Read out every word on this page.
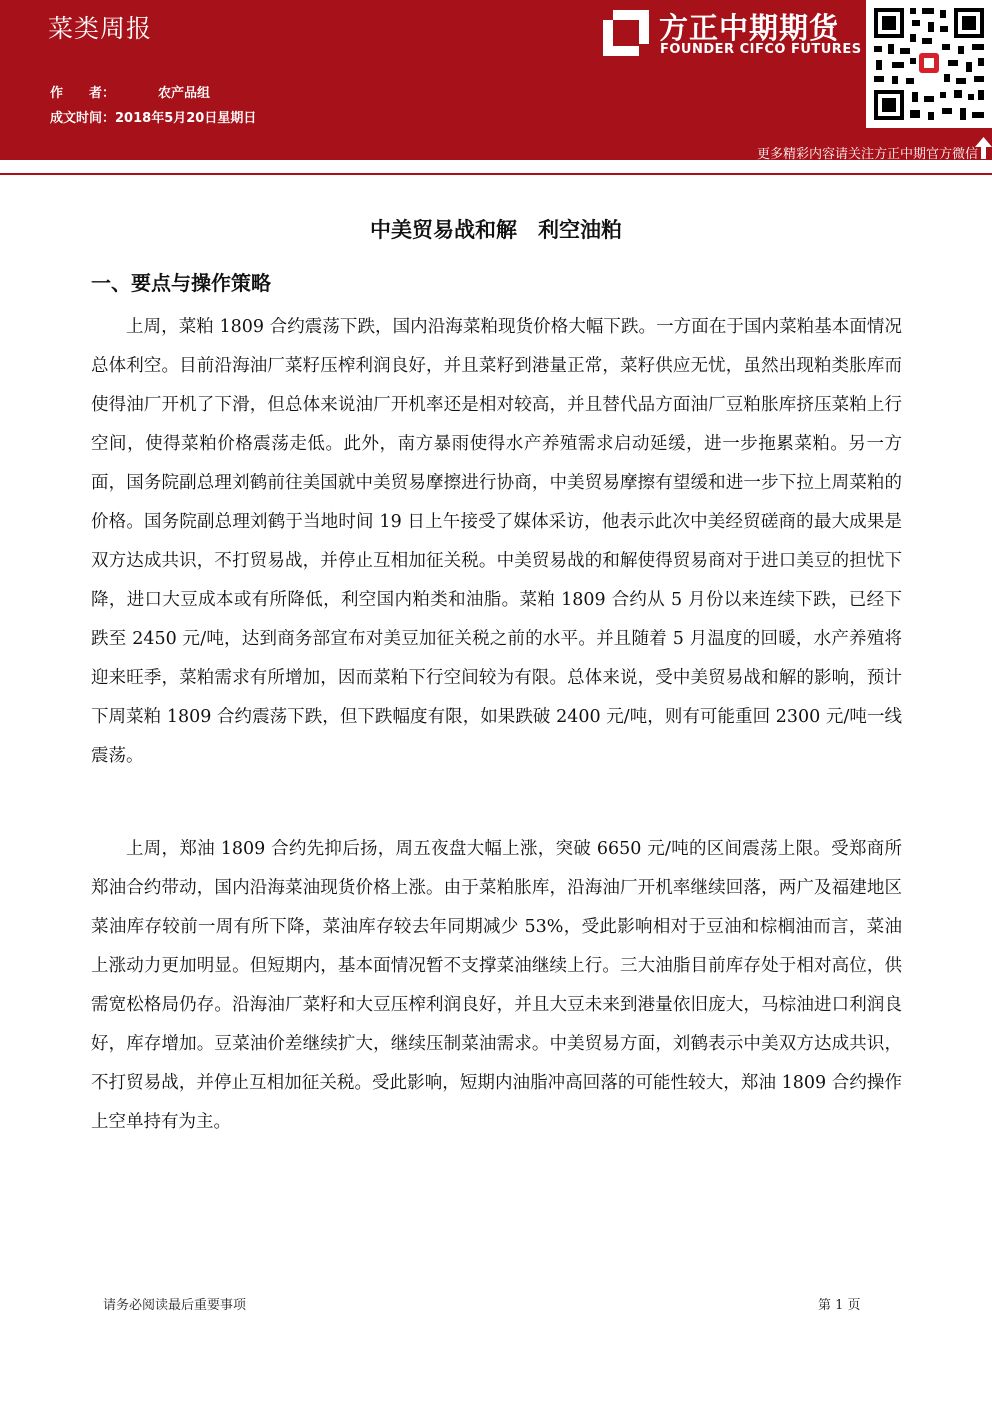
菜类周报
作　　者：	农产品组
成文时间：2018年5月20日星期日
方正中期期货
FOUNDER CIFCO FUTURES
更多精彩内容请关注方正中期官方微信
中美贸易战和解　利空油粕
一、要点与操作策略

上周，菜粕 1809 合约震荡下跌，国内沿海菜粕现货价格大幅下跌。一方面在于国内菜粕基本面情况总体利空。目前沿海油厂菜籽压榨利润良好，并且菜籽到港量正常，菜籽供应无忧，虽然出现粕类胀库而使得油厂开机了下滑，但总体来说油厂开机率还是相对较高，并且替代品方面油厂豆粕胀库挤压菜粕上行空间，使得菜粕价格震荡走低。此外，南方暴雨使得水产养殖需求启动延缓，进一步拖累菜粕。另一方面，国务院副总理刘鹤前往美国就中美贸易摩擦进行协商，中美贸易摩擦有望缓和进一步下拉上周菜粕的价格。国务院副总理刘鹤于当地时间 19 日上午接受了媒体采访，他表示此次中美经贸磋商的最大成果是双方达成共识，不打贸易战，并停止互相加征关税。中美贸易战的和解使得贸易商对于进口美豆的担忧下降，进口大豆成本或有所降低，利空国内粕类和油脂。菜粕 1809 合约从 5 月份以来连续下跌，已经下跌至 2450 元/吨，达到商务部宣布对美豆加征关税之前的水平。并且随着 5 月温度的回暖，水产养殖将迎来旺季，菜粕需求有所增加，因而菜粕下行空间较为有限。总体来说，受中美贸易战和解的影响，预计下周菜粕 1809 合约震荡下跌，但下跌幅度有限，如果跌破 2400 元/吨，则有可能重回 2300 元/吨一线震荡。

上周，郑油 1809 合约先抑后扬，周五夜盘大幅上涨，突破 6650 元/吨的区间震荡上限。受郑商所郑油合约带动，国内沿海菜油现货价格上涨。由于菜粕胀库，沿海油厂开机率继续回落，两广及福建地区菜油库存较前一周有所下降，菜油库存较去年同期减少 53%，受此影响相对于豆油和棕榈油而言，菜油上涨动力更加明显。但短期内，基本面情况暂不支撑菜油继续上行。三大油脂目前库存处于相对高位，供需宽松格局仍存。沿海油厂菜籽和大豆压榨利润良好，并且大豆未来到港量依旧庞大，马棕油进口利润良好，库存增加。豆菜油价差继续扩大，继续压制菜油需求。中美贸易方面，刘鹤表示中美双方达成共识，不打贸易战，并停止互相加征关税。受此影响，短期内油脂冲高回落的可能性较大，郑油 1809 合约操作上空单持有为主。

请务必阅读最后重要事项	第 1 页
